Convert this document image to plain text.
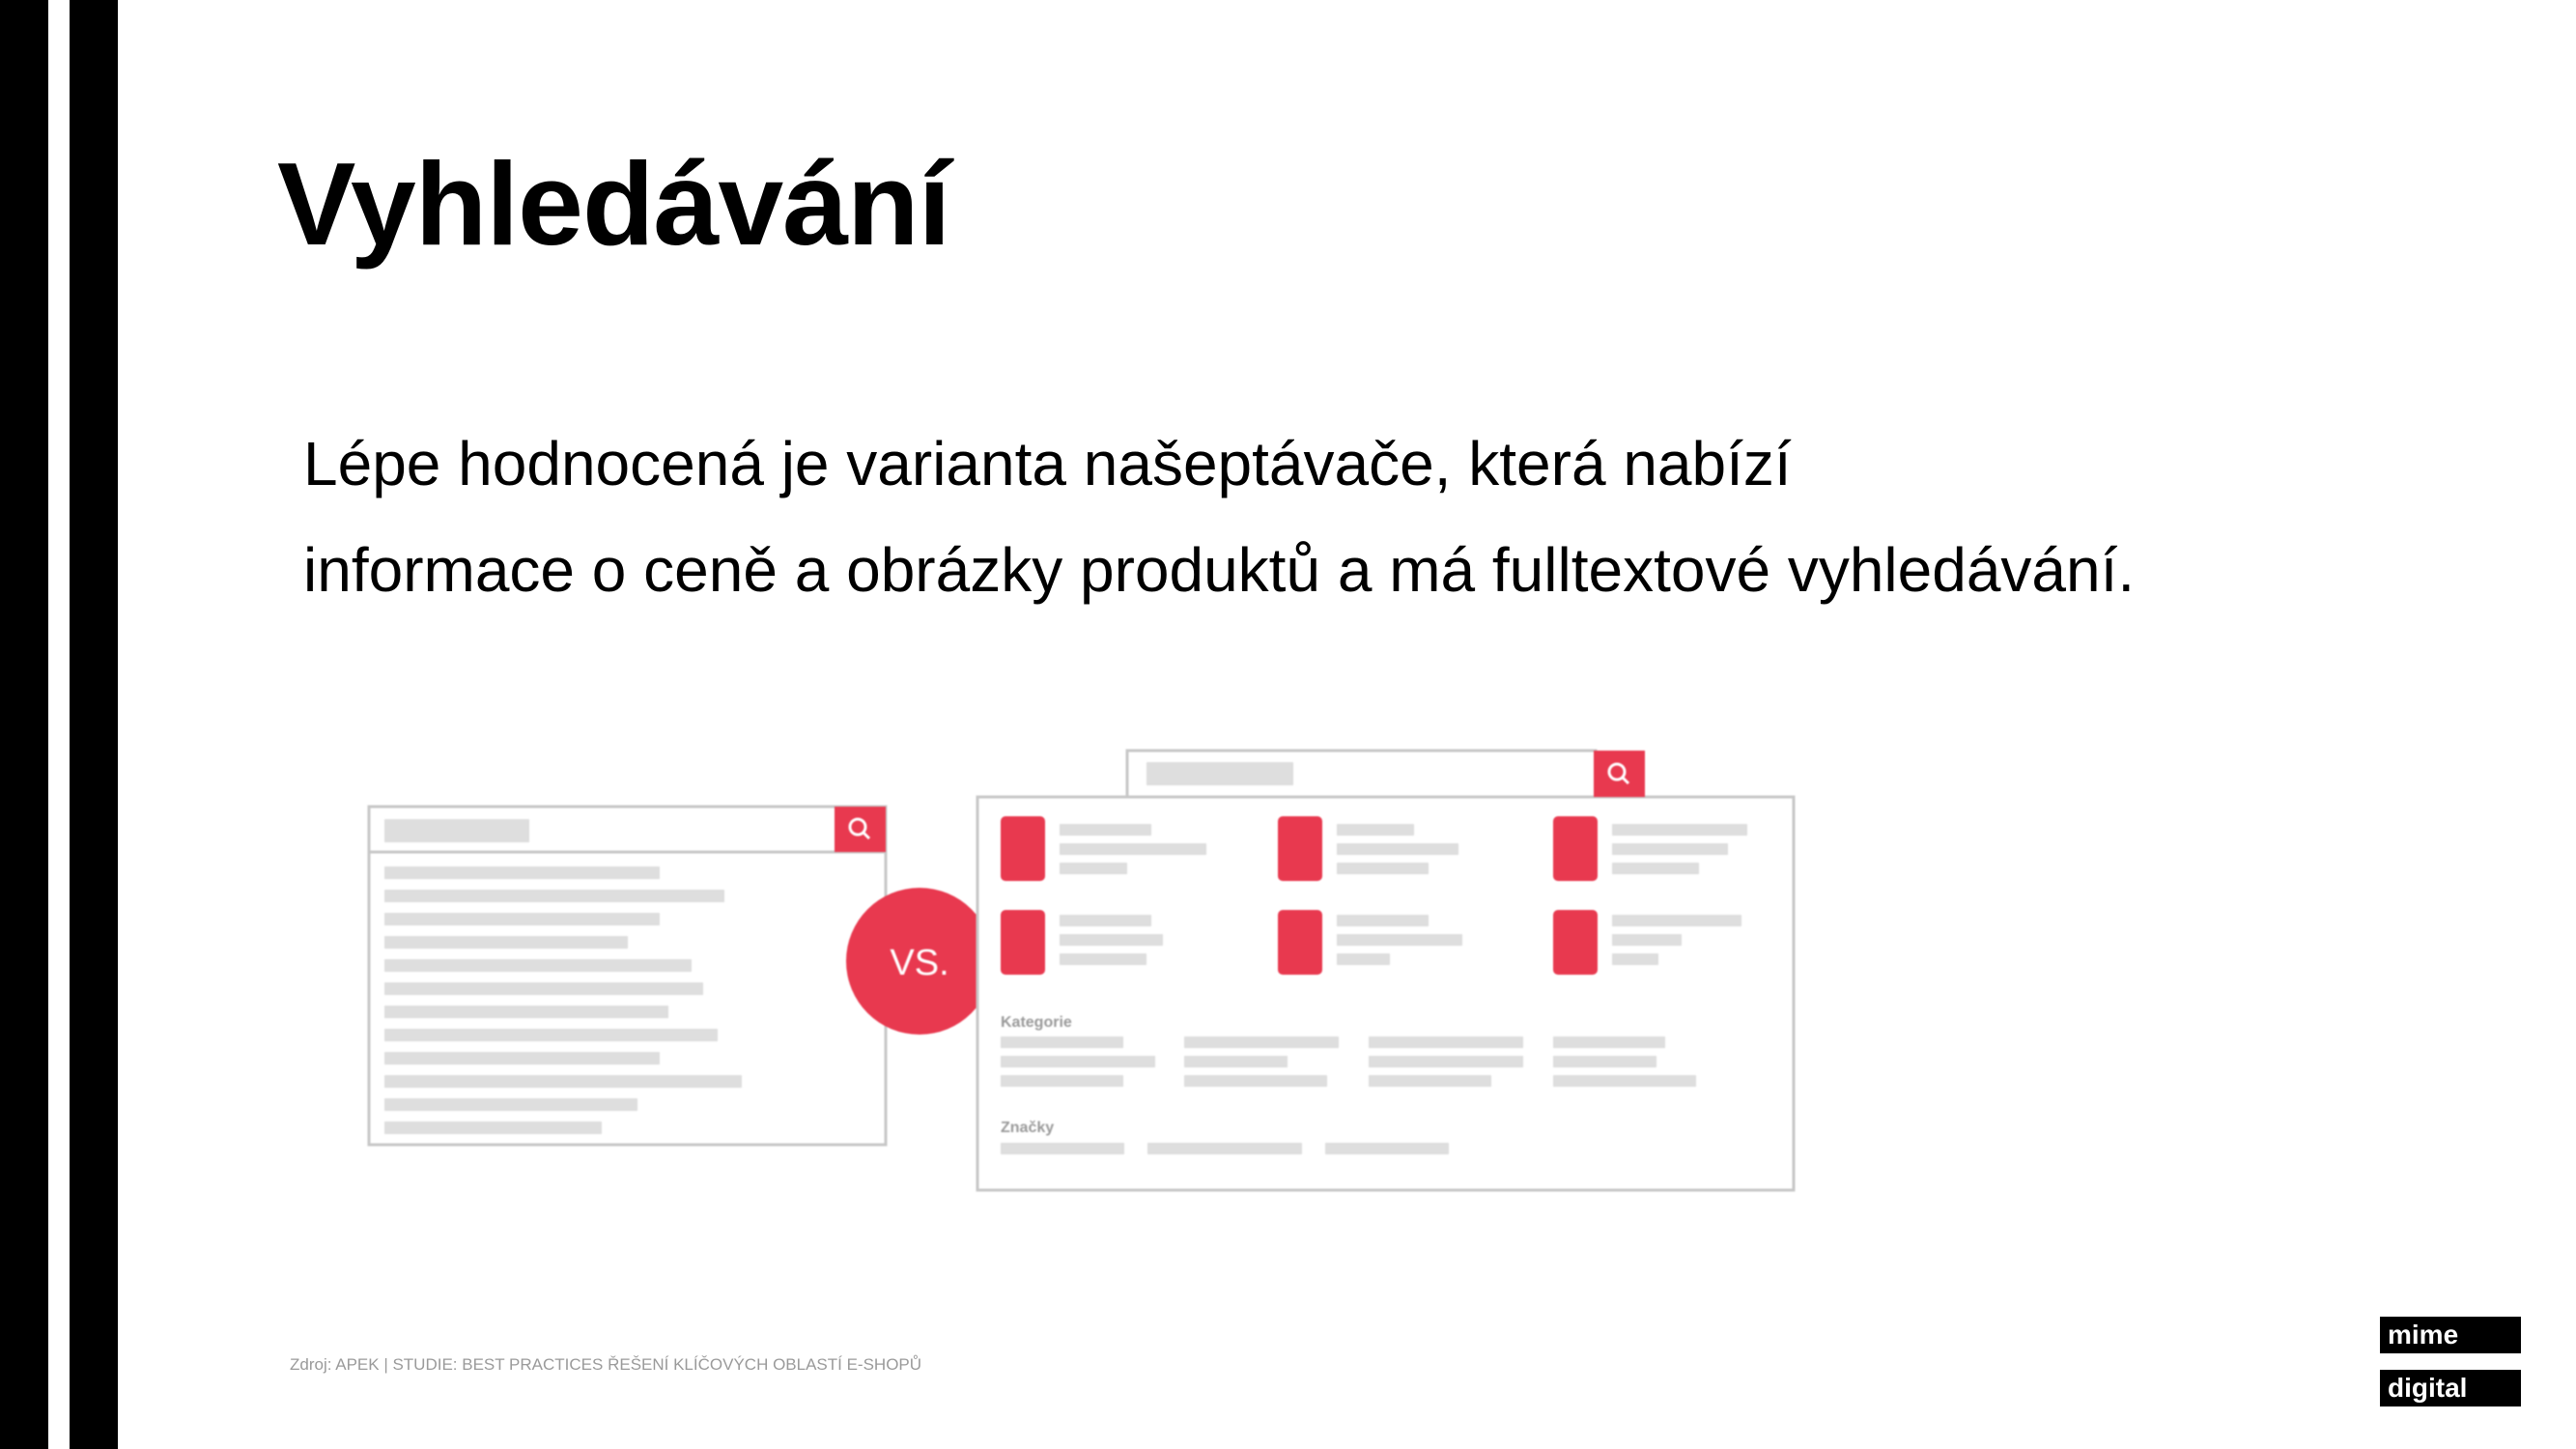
Vyhledávání
Lépe hodnocená je varianta našeptávače, která nabízí
informace o ceně a obrázky produktů a má fulltextové vyhledávání.
VS.
Kategorie
Značky
Zdroj: APEK | STUDIE: BEST PRACTICES ŘEŠENÍ KLÍČOVÝCH OBLASTÍ E-SHOPŮ
mime
digital
